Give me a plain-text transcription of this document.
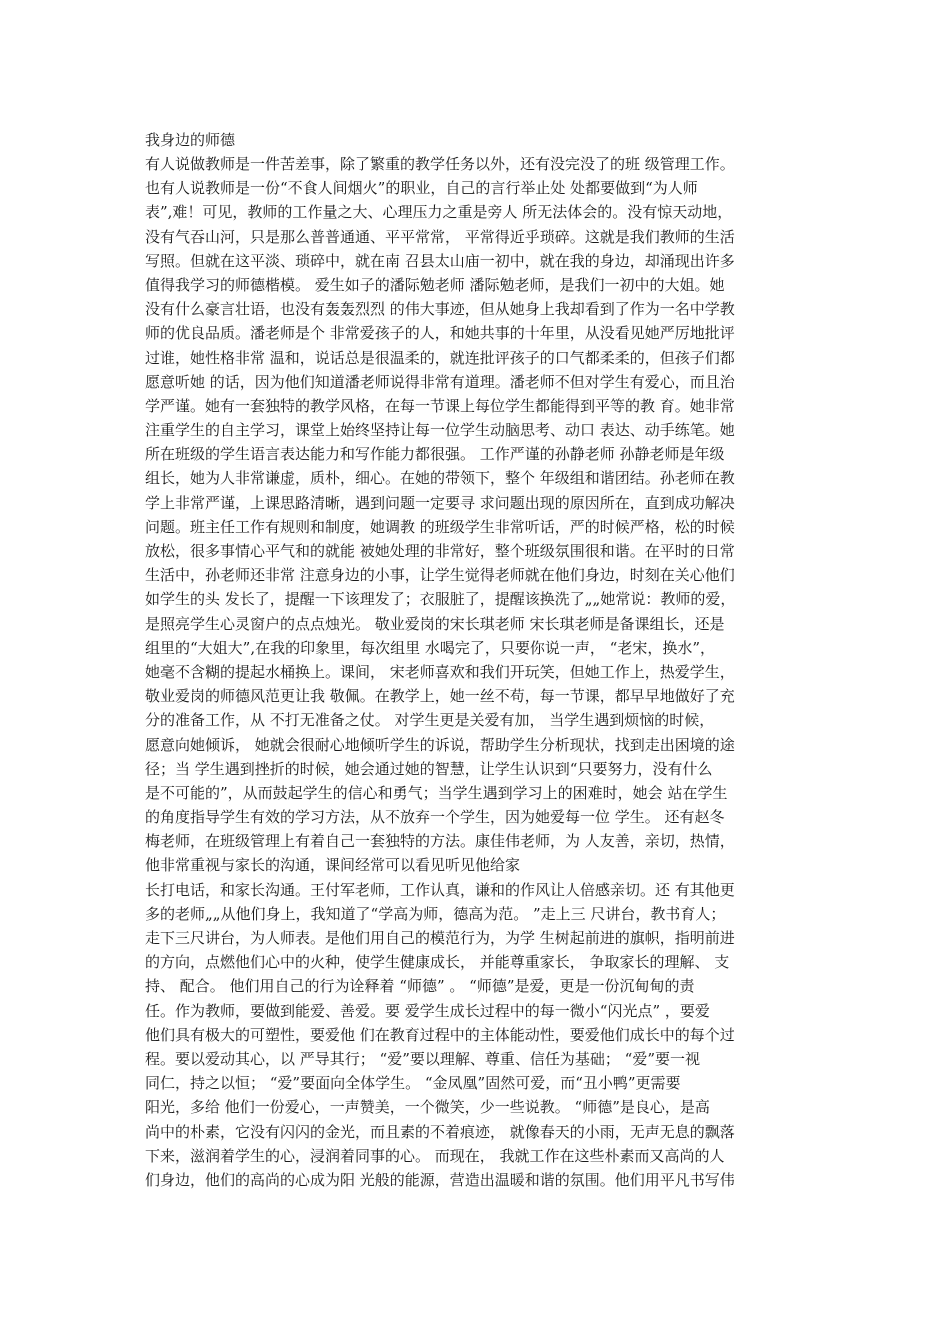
我身边的师德
有人说做教师是一件苦差事，除了繁重的教学任务以外，还有没完没了的班 级管理工作。
也有人说教师是一份“不食人间烟火”的职业，自己的言行举止处 处都要做到“为人师
表”,难！可见，教师的工作量之大、心理压力之重是旁人 所无法体会的。没有惊天动地，
没有气吞山河，只是那么普普通通、平平常常， 平常得近乎琐碎。这就是我们教师的生活
写照。但就在这平淡、琐碎中，就在南 召县太山庙一初中，就在我的身边，却涌现出许多
值得我学习的师德楷模。 爱生如子的潘际勉老师 潘际勉老师，是我们一初中的大姐。她
没有什么豪言壮语，也没有轰轰烈烈 的伟大事迹，但从她身上我却看到了作为一名中学教
师的优良品质。潘老师是个 非常爱孩子的人，和她共事的十年里，从没看见她严厉地批评
过谁，她性格非常 温和，说话总是很温柔的，就连批评孩子的口气都柔柔的，但孩子们都
愿意听她 的话，因为他们知道潘老师说得非常有道理。潘老师不但对学生有爱心，而且治
学严谨。她有一套独特的教学风格，在每一节课上每位学生都能得到平等的教 育。她非常
注重学生的自主学习，课堂上始终坚持让每一位学生动脑思考、动口 表达、动手练笔。她
所在班级的学生语言表达能力和写作能力都很强。 工作严谨的孙静老师 孙静老师是年级
组长，她为人非常谦虚，质朴，细心。在她的带领下，整个 年级组和谐团结。孙老师在教
学上非常严谨，上课思路清晰，遇到问题一定要寻 求问题出现的原因所在，直到成功解决
问题。班主任工作有规则和制度，她调教 的班级学生非常听话，严的时候严格，松的时候
放松，很多事情心平气和的就能 被她处理的非常好，整个班级氛围很和谐。在平时的日常
生活中，孙老师还非常 注意身边的小事，让学生觉得老师就在他们身边，时刻在关心他们
如学生的头 发长了，提醒一下该理发了；衣服脏了，提醒该换洗了„„她常说：教师的爱，
是照亮学生心灵窗户的点点烛光。 敬业爱岗的宋长琪老师 宋长琪老师是备课组长，还是
组里的“大姐大”,在我的印象里，每次组里 水喝完了，只要你说一声， “老宋，换水”，
她毫不含糊的提起水桶换上。课间， 宋老师喜欢和我们开玩笑，但她工作上，热爱学生，
敬业爱岗的师德风范更让我 敬佩。在教学上，她一丝不苟，每一节课，都早早地做好了充
分的准备工作，从 不打无准备之仗。 对学生更是关爱有加， 当学生遇到烦恼的时候，
愿意向她倾诉， 她就会很耐心地倾听学生的诉说，帮助学生分析现状，找到走出困境的途
径；当 学生遇到挫折的时候，她会通过她的智慧，让学生认识到“只要努力，没有什么
是不可能的”，从而鼓起学生的信心和勇气；当学生遇到学习上的困难时，她会 站在学生
的角度指导学生有效的学习方法，从不放弃一个学生，因为她爱每一位 学生。 还有赵冬
梅老师，在班级管理上有着自己一套独特的方法。康佳伟老师，为 人友善，亲切，热情，
他非常重视与家长的沟通，课间经常可以看见听见他给家
长打电话，和家长沟通。王付军老师，工作认真，谦和的作风让人倍感亲切。还 有其他更
多的老师„„从他们身上，我知道了“学高为师，德高为范。 ”走上三 尺讲台，教书育人；
走下三尺讲台，为人师表。是他们用自己的模范行为，为学 生树起前进的旗帜，指明前进
的方向，点燃他们心中的火种，使学生健康成长， 并能尊重家长， 争取家长的理解、 支
持、 配合。 他们用自己的行为诠释着 “师德” 。 “师德”是爱，更是一份沉甸甸的责
任。作为教师，要做到能爱、善爱。要 爱学生成长过程中的每一微小“闪光点” ，要爱
他们具有极大的可塑性，要爱他 们在教育过程中的主体能动性，要爱他们成长中的每个过
程。要以爱动其心，以 严导其行； “爱”要以理解、尊重、信任为基础； “爱”要一视
同仁，持之以恒； “爱”要面向全体学生。 “金凤凰”固然可爱，而“丑小鸭”更需要
阳光，多给 他们一份爱心，一声赞美，一个微笑，少一些说教。 “师德”是良心，是高
尚中的朴素，它没有闪闪的金光，而且素的不着痕迹， 就像春天的小雨，无声无息的飘落
下来，滋润着学生的心，浸润着同事的心。 而现在， 我就工作在这些朴素而又高尚的人
们身边，他们的高尚的心成为阳 光般的能源，营造出温暖和谐的氛围。他们用平凡书写伟
